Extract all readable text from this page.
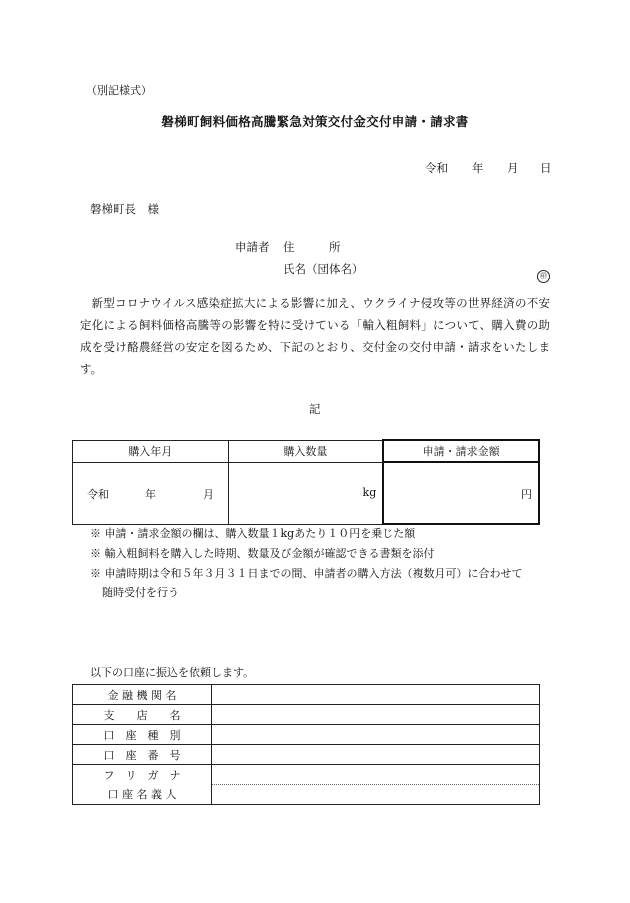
（別記様式）
磐梯町飼料価格高騰緊急対策交付金交付申請・請求書
令和 年 月 日
磐梯町長　様
申請者 住　　　所
氏名（団体名）	㊞
新型コロナウイルス感染症拡大による影響に加え、ウクライナ侵攻等の世界経済の不安定化による飼料価格高騰等の影響を特に受けている「輸入粗飼料」について、購入費の助成を受け酪農経営の安定を図るため、下記のとおり、交付金の交付申請・請求をいたします。
記
購入年月	購入数量	申請・請求金額

令和 年 月	kg	円
※ 申請・請求金額の欄は、購入数量１kgあたり１０円を乗じた額
※ 輸入粗飼料を購入した時期、数量及び金額が確認できる書類を添付
※ 申請時期は令和５年３月３１日までの間、申請者の購入方法（複数月可）に合わせて
随時受付を行う
以下の口座に振込を依頼します。
金 融 機 関 名	
支　　店　　名	
口　座　種　別	
口　座　番　号	
フ　リ　ガ　ナ	
口 座 名 義 人	
